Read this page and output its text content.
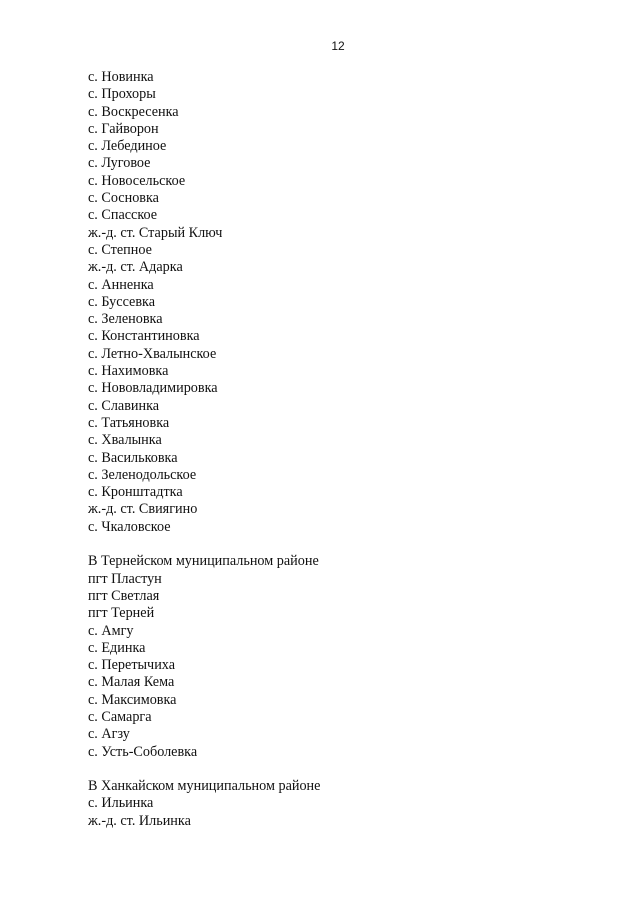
12
с. Новинка
с. Прохоры
с. Воскресенка
с. Гайворон
с. Лебединое
с. Луговое
с. Новосельское
с. Сосновка
с. Спасское
ж.-д. ст. Старый Ключ
с. Степное
ж.-д. ст. Адарка
с. Анненка
с. Буссевка
с. Зеленовка
с. Константиновка
с. Летно-Хвалынское
с. Нахимовка
с. Нововладимировка
с. Славинка
с. Татьяновка
с. Хвалынка
с. Васильковка
с. Зеленодольское
с. Кронштадтка
ж.-д. ст. Свиягино
с. Чкаловское
В Тернейском муниципальном районе
пгт Пластун
пгт Светлая
пгт Терней
с. Амгу
с. Единка
с. Перетычиха
с. Малая Кема
с. Максимовка
с. Самарга
с. Агзу
с. Усть-Соболевка
В Ханкайском муниципальном районе
с. Ильинка
ж.-д. ст. Ильинка
